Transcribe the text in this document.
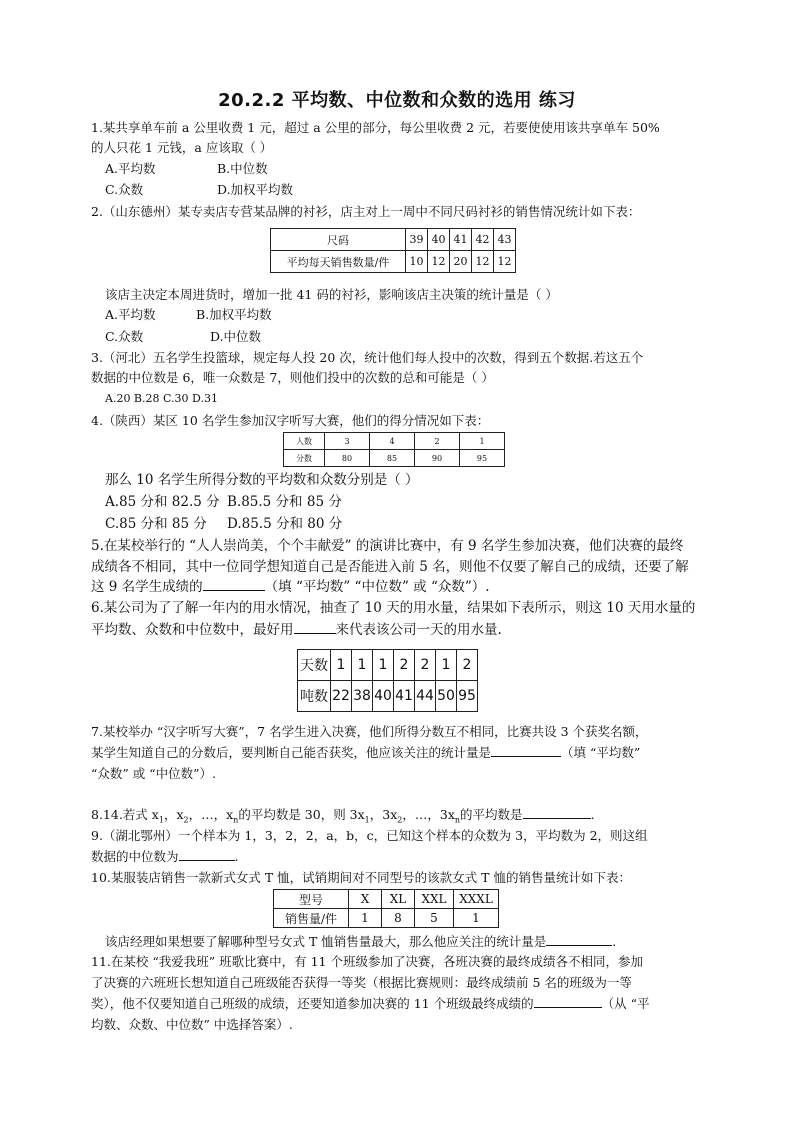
20.2.2 平均数、中位数和众数的选用 练习
1.某共享单车前 a 公里收费 1 元，超过 a 公里的部分，每公里收费 2 元，若要使使用该共享单车 50%
的人只花 1 元钱，a 应该取（ ）
A.平均数	B.中位数
C.众数	D.加权平均数
2.（山东德州）某专卖店专营某品牌的衬衫，店主对上一周中不同尺码衬衫的销售情况统计如下表：
尺码	39	40	41	42	43
平均每天销售数量/件	10	12	20	12	12
该店主决定本周进货时，增加一批 41 码的衬衫，影响该店主决策的统计量是（ ）
A.平均数	B.加权平均数
C.众数	D.中位数
3.（河北）五名学生投篮球，规定每人投 20 次，统计他们每人投中的次数，得到五个数据.若这五个
数据的中位数是 6，唯一众数是 7，则他们投中的次数的总和可能是（ ）
A.20 B.28 C.30 D.31
4.（陕西）某区 10 名学生参加汉字听写大赛，他们的得分情况如下表：
人数	3	4	2	1
分数	80	85	90	95
那么 10 名学生所得分数的平均数和众数分别是（ ）
A.85 分和 82.5 分 B.85.5 分和 85 分
C.85 分和 85 分 D.85.5 分和 80 分
5.在某校举行的 “人人崇尚美，个个丰献爱” 的演讲比赛中，有 9 名学生参加决赛，他们决赛的最终
成绩各不相同，其中一位同学想知道自己是否能进入前 5 名，则他不仅要了解自己的成绩，还要了解
这 9 名学生成绩的	（填 “平均数” “中位数” 或 “众数”）.
6.某公司为了了解一年内的用水情况，抽查了 10 天的用水量，结果如下表所示，则这 10 天用水量的
平均数、众数和中位数中，最好用	来代表该公司一天的用水量.
天数	1	1	1	2	2	1	2
吨数	22	38	40	41	44	50	95
7.某校举办 “汉字听写大赛”，7 名学生进入决赛，他们所得分数互不相同，比赛共设 3 个获奖名额，
某学生知道自己的分数后，要判断自己能否获奖，他应该关注的统计量是	（填 “平均数”
“众数” 或 “中位数”）.
8.14.若式 $x_1$，$x_2$，…，$x_n$的平均数是 30，则 $3x_1$，$3x_2$，…，$3x_n$的平均数是	.
9.（湖北鄂州）一个样本为 1，3，2，2，a，b，c，已知这个样本的众数为 3，平均数为 2，则这组
数据的中位数为	.
10.某服装店销售一款新式女式 T 恤，试销期间对不同型号的该款女式 T 恤的销售量统计如下表：
型号	X	XL	XXL	XXXL
销售量/件	1	8	5	1
该店经理如果想要了解哪种型号女式 T 恤销售量最大，那么他应关注的统计量是	.
11.在某校 “我爱我班” 班歌比赛中，有 11 个班级参加了决赛，各班决赛的最终成绩各不相同，参加
了决赛的六班班长想知道自己班级能否获得一等奖（根据比赛规则：最终成绩前 5 名的班级为一等
奖），他不仅要知道自己班级的成绩，还要知道参加决赛的 11 个班级最终成绩的	（从 “平
均数、众数、中位数” 中选择答案）.
